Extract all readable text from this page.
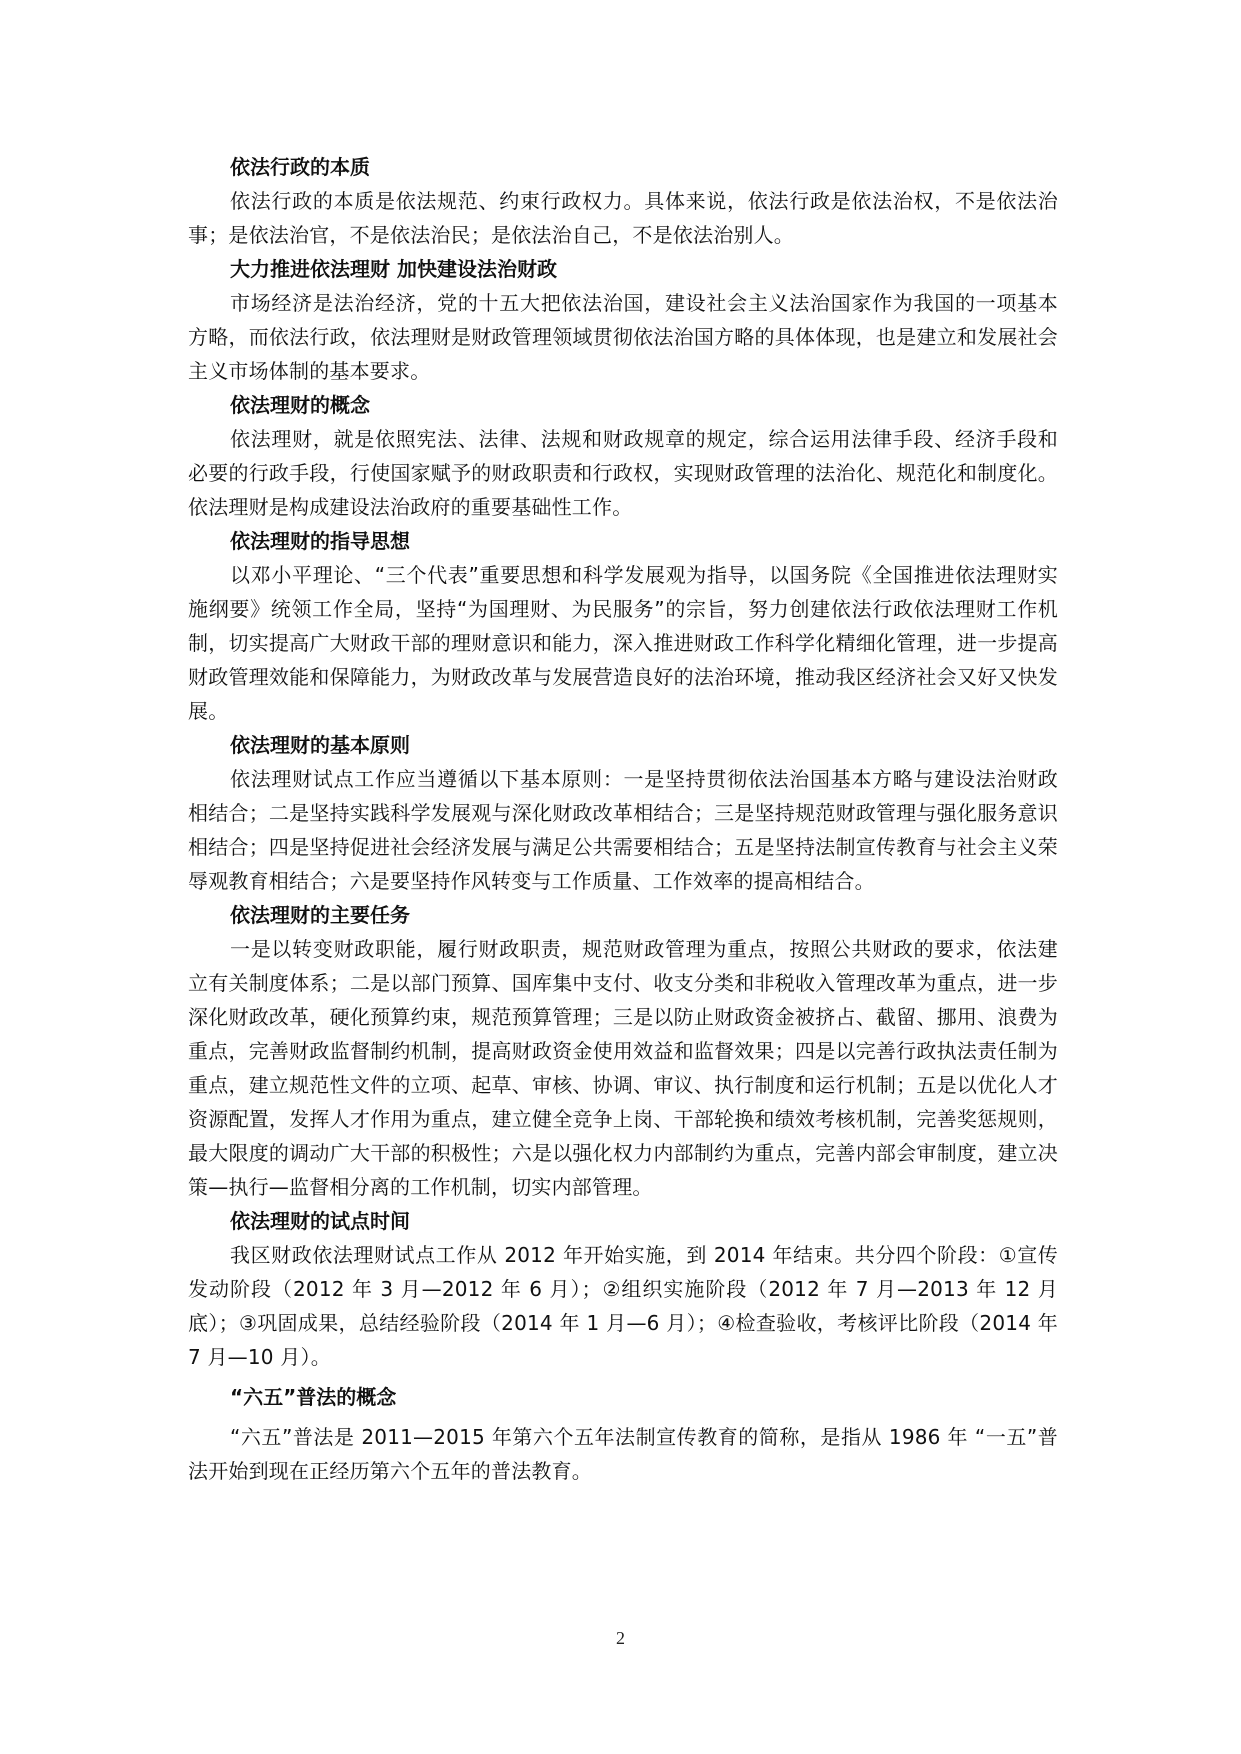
依法行政的本质

依法行政的本质是依法规范、约束行政权力。具体来说，依法行政是依法治权，不是依法治事；是依法治官，不是依法治民；是依法治自己，不是依法治别人。

大力推进依法理财 加快建设法治财政

市场经济是法治经济，党的十五大把依法治国，建设社会主义法治国家作为我国的一项基本方略，而依法行政，依法理财是财政管理领域贯彻依法治国方略的具体体现，也是建立和发展社会主义市场体制的基本要求。

依法理财的概念

依法理财，就是依照宪法、法律、法规和财政规章的规定，综合运用法律手段、经济手段和必要的行政手段，行使国家赋予的财政职责和行政权，实现财政管理的法治化、规范化和制度化。依法理财是构成建设法治政府的重要基础性工作。

依法理财的指导思想

以邓小平理论、“三个代表”重要思想和科学发展观为指导，以国务院《全国推进依法理财实施纲要》统领工作全局，坚持“为国理财、为民服务”的宗旨，努力创建依法行政依法理财工作机制，切实提高广大财政干部的理财意识和能力，深入推进财政工作科学化精细化管理，进一步提高财政管理效能和保障能力，为财政改革与发展营造良好的法治环境，推动我区经济社会又好又快发展。

依法理财的基本原则

依法理财试点工作应当遵循以下基本原则：一是坚持贯彻依法治国基本方略与建设法治财政相结合；二是坚持实践科学发展观与深化财政改革相结合；三是坚持规范财政管理与强化服务意识相结合；四是坚持促进社会经济发展与满足公共需要相结合；五是坚持法制宣传教育与社会主义荣辱观教育相结合；六是要坚持作风转变与工作质量、工作效率的提高相结合。

依法理财的主要任务

一是以转变财政职能，履行财政职责，规范财政管理为重点，按照公共财政的要求，依法建立有关制度体系；二是以部门预算、国库集中支付、收支分类和非税收入管理改革为重点，进一步深化财政改革，硬化预算约束，规范预算管理；三是以防止财政资金被挤占、截留、挪用、浪费为重点，完善财政监督制约机制，提高财政资金使用效益和监督效果；四是以完善行政执法责任制为重点，建立规范性文件的立项、起草、审核、协调、审议、执行制度和运行机制；五是以优化人才资源配置，发挥人才作用为重点，建立健全竞争上岗、干部轮换和绩效考核机制，完善奖惩规则，最大限度的调动广大干部的积极性；六是以强化权力内部制约为重点，完善内部会审制度，建立决策—执行—监督相分离的工作机制，切实内部管理。

依法理财的试点时间

我区财政依法理财试点工作从 2012 年开始实施，到 2014 年结束。共分四个阶段：①宣传发动阶段（2012 年 3 月—2012 年 6 月）；②组织实施阶段（2012 年 7 月—2013 年 12 月底）；③巩固成果，总结经验阶段（2014 年 1 月—6 月）；④检查验收，考核评比阶段（2014 年 7 月—10 月）。

“六五”普法的概念

“六五”普法是 2011—2015 年第六个五年法制宣传教育的简称，是指从 1986 年 “一五”普法开始到现在正经历第六个五年的普法教育。

2
